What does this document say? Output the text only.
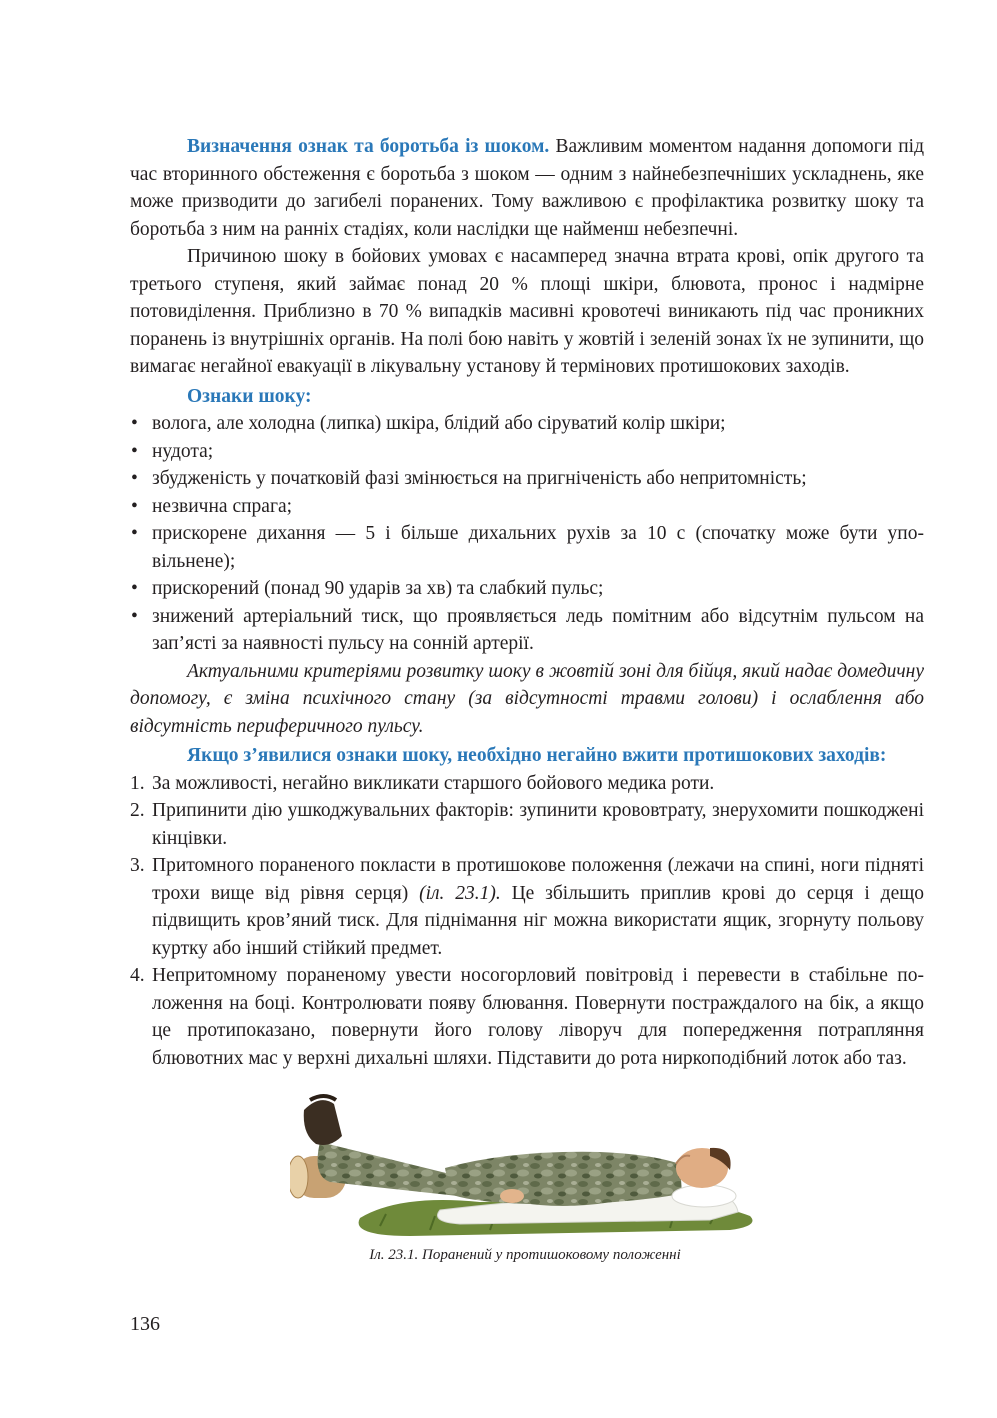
Визначення ознак та боротьба із шоком. Важливим моментом надання допомоги під час вторинного обстеження є боротьба з шоком — одним з найнебезпечніших ускладнень, яке може призводити до загибелі поранених. Тому важливою є профілактика розвитку шоку та боротьба з ним на ранніх стадіях, коли наслідки ще найменш небезпечні.

Причиною шоку в бойових умовах є насамперед значна втрата крові, опік другого та третього ступеня, який займає понад 20 % площі шкіри, блювота, пронос і надмірне потовиділення. Приблизно в 70 % випадків масивні кровотечі виникають під час проникних поранень із внутрішніх органів. На полі бою навіть у жовтій і зеленій зонах їх не зупинити, що вимагає негайної евакуації в лікувальну установу й термінових протишокових заходів.

Ознаки шоку:

• волога, але холодна (липка) шкіра, блідий або сіруватий колір шкіри;
• нудота;
• збудженість у початковій фазі змінюється на пригніченість або непритомність;
• незвична спрага;
• прискорене дихання — 5 і більше дихальних рухів за 10 с (спочатку може бути уповільнене);
• прискорений (понад 90 ударів за хв) та слабкий пульс;
• знижений артеріальний тиск, що проявляється ледь помітним або відсутнім пульсом на зап’ясті за наявності пульсу на сонній артерії.

Актуальними критеріями розвитку шоку в жовтій зоні для бійця, який надає домедичну допомогу, є зміна психічного стану (за відсутності травми голови) і ослаблення або відсутність периферичного пульсу.

Якщо з’явилися ознаки шоку, необхідно негайно вжити протишокових заходів:

1. За можливості, негайно викликати старшого бойового медика роти.
2. Припинити дію ушкоджувальних факторів: зупинити крововтрату, знерухомити пошкоджені кінцівки.
3. Притомного пораненого покласти в протишокове положення (лежачи на спині, ноги підняті трохи вище від рівня серця) (іл. 23.1). Це збільшить приплив крові до серця і дещо підвищить кров’яний тиск. Для піднімання ніг можна використати ящик, згорнуту польову куртку або інший стійкий предмет.
4. Непритомному пораненому увести носогорловий повітровід і перевести в стабільне положення на боці. Контролювати появу блювання. Повернути постраждалого на бік, а якщо це протипоказано, повернути його голову ліворуч для попередження потрапляння блювотних мас у верхні дихальні шляхи. Підставити до рота ниркоподібний лоток або таз.
Іл. 23.1. Поранений у протишоковому положенні
136
